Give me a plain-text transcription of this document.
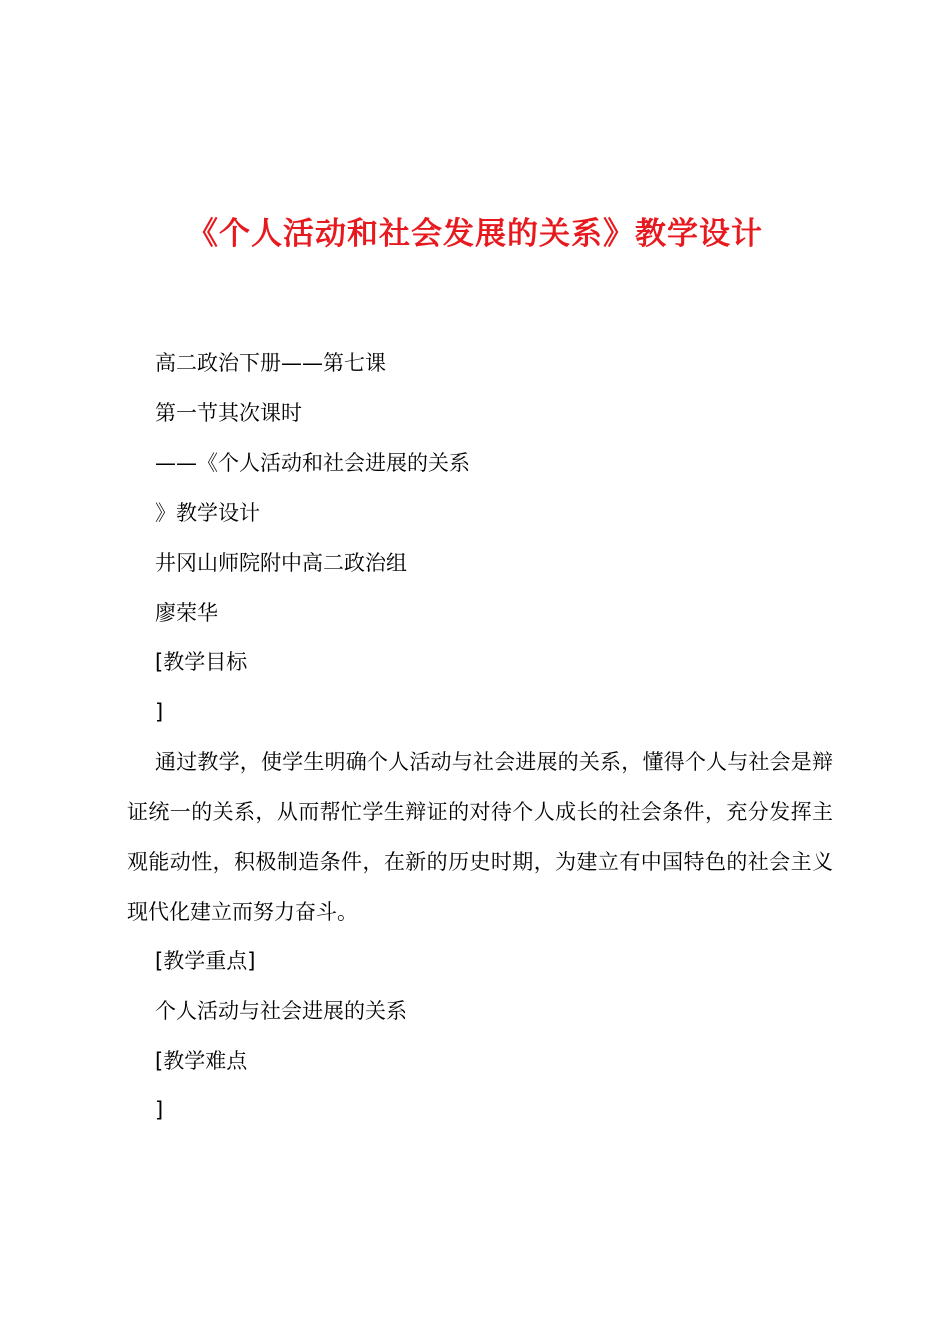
《个人活动和社会发展的关系》教学设计
高二政治下册——第七课
第一节其次课时
——《个人活动和社会进展的关系
》教学设计
井冈山师院附中高二政治组
廖荣华
[教学目标
]
通过教学，使学生明确个人活动与社会进展的关系，懂得个人与社会是辩证统一的关系，从而帮忙学生辩证的对待个人成长的社会条件，充分发挥主观能动性，积极制造条件，在新的历史时期，为建立有中国特色的社会主义现代化建立而努力奋斗。
[教学重点]
个人活动与社会进展的关系
[教学难点
]
